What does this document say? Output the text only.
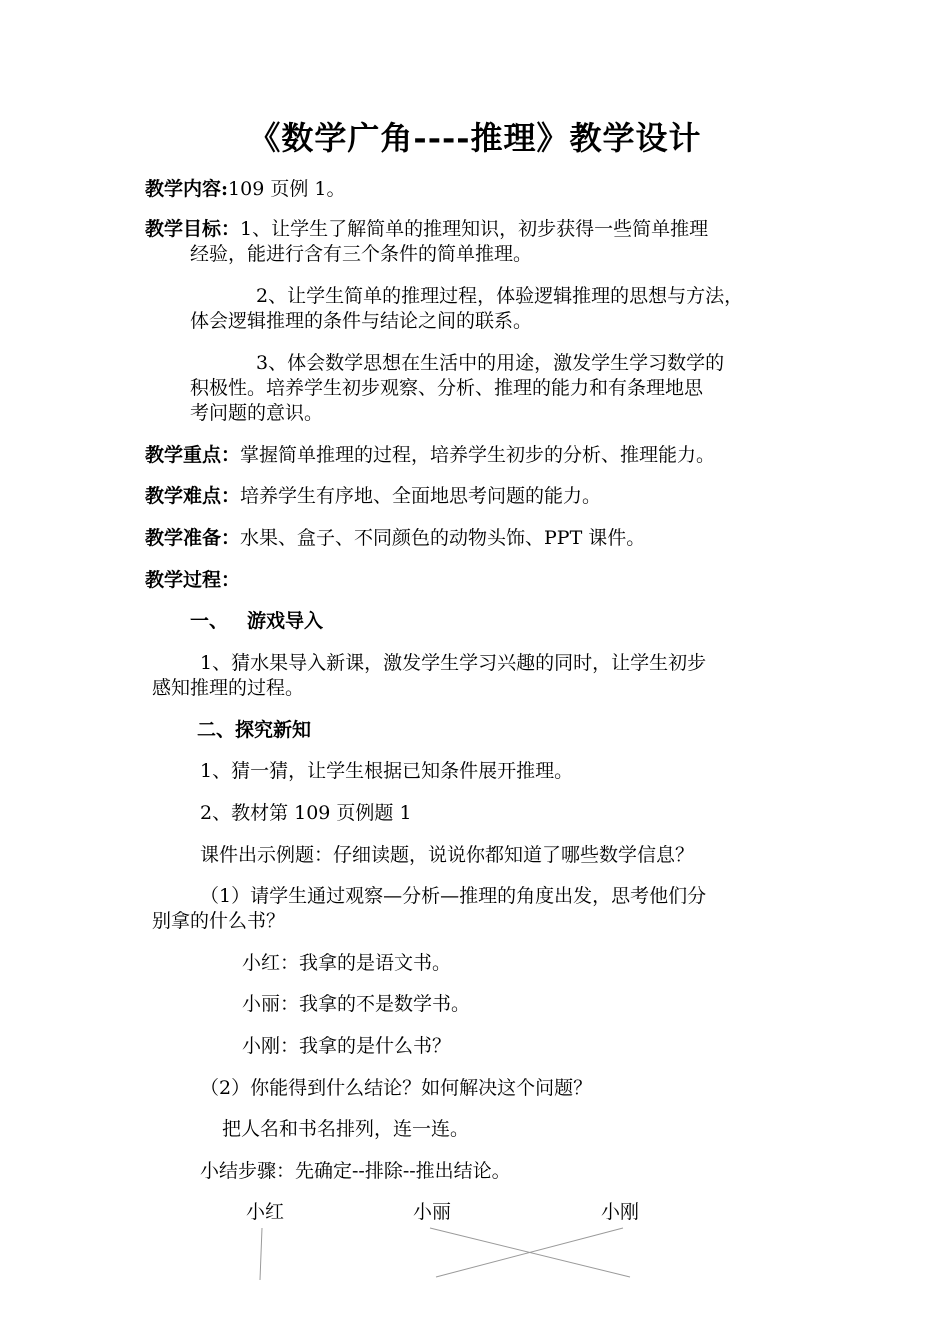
《数学广角----推理》教学设计
教学内容:109 页例 1。
教学目标：1、让学生了解简单的推理知识，初步获得一些简单推理
经验，能进行含有三个条件的简单推理。
2、让学生简单的推理过程，体验逻辑推理的思想与方法，
体会逻辑推理的条件与结论之间的联系。
3、体会数学思想在生活中的用途，激发学生学习数学的
积极性。培养学生初步观察、分析、推理的能力和有条理地思
考问题的意识。
教学重点：掌握简单推理的过程，培养学生初步的分析、推理能力。
教学难点：培养学生有序地、全面地思考问题的能力。
教学准备：水果、盒子、不同颜色的动物头饰、PPT 课件。
教学过程：
一、 游戏导入
1、猜水果导入新课，激发学生学习兴趣的同时，让学生初步
感知推理的过程。
二、探究新知
1、猜一猜，让学生根据已知条件展开推理。
2、教材第 109 页例题 1
课件出示例题：仔细读题，说说你都知道了哪些数学信息？
（1）请学生通过观察—分析—推理的角度出发，思考他们分
别拿的什么书？
小红：我拿的是语文书。
小丽：我拿的不是数学书。
小刚：我拿的是什么书？
（2）你能得到什么结论？如何解决这个问题？
把人名和书名排列，连一连。
小结步骤：先确定--排除--推出结论。
小红	小丽	小刚
